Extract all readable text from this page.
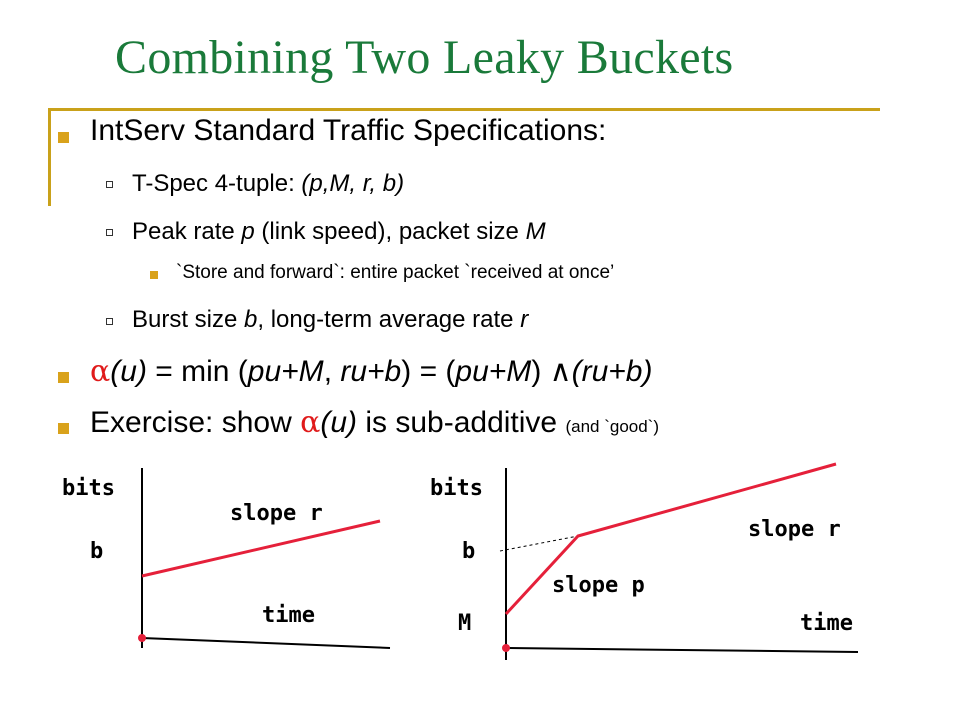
Combining Two Leaky Buckets
IntServ Standard Traffic Specifications:
T-Spec 4-tuple: (p,M, r, b)
Peak rate p (link speed), packet size M
`Store and forward`: entire packet `received at once’
Burst size b, long-term average rate r
α(u) = min (pu+M, ru+b) = (pu+M) ∧(ru+b)
Exercise: show α(u) is sub-additive (and `good`)
bits
b
slope r
time
bits
b
M
slope r
slope p
time
